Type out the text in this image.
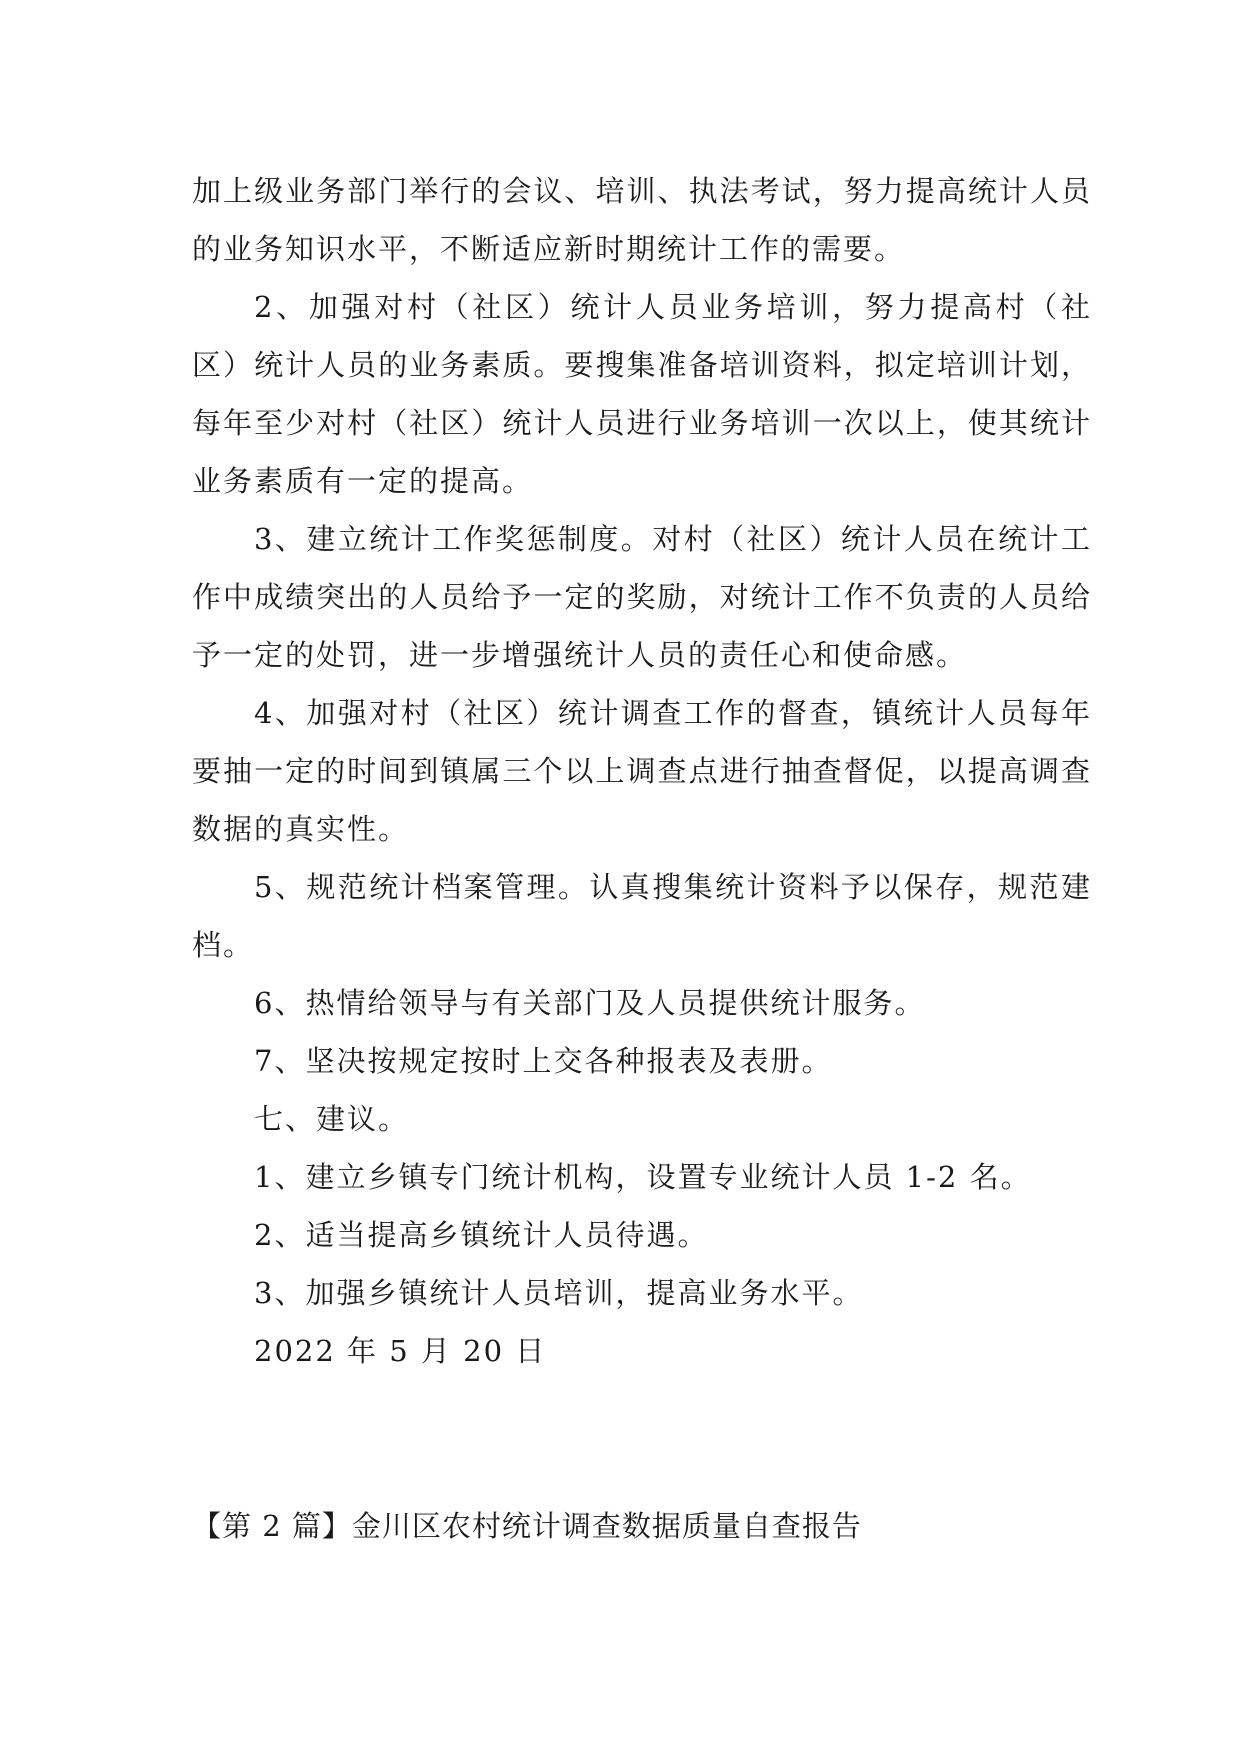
加上级业务部门举行的会议、培训、执法考试，努力提高统计人员的业务知识水平，不断适应新时期统计工作的需要。

2、加强对村（社区）统计人员业务培训，努力提高村（社区）统计人员的业务素质。要搜集准备培训资料，拟定培训计划，每年至少对村（社区）统计人员进行业务培训一次以上，使其统计业务素质有一定的提高。

3、建立统计工作奖惩制度。对村（社区）统计人员在统计工作中成绩突出的人员给予一定的奖励，对统计工作不负责的人员给予一定的处罚，进一步增强统计人员的责任心和使命感。

4、加强对村（社区）统计调查工作的督查，镇统计人员每年要抽一定的时间到镇属三个以上调查点进行抽查督促，以提高调查数据的真实性。

5、规范统计档案管理。认真搜集统计资料予以保存，规范建档。

6、热情给领导与有关部门及人员提供统计服务。

7、坚决按规定按时上交各种报表及表册。

七、建议。

1、建立乡镇专门统计机构，设置专业统计人员 1-2 名。

2、适当提高乡镇统计人员待遇。

3、加强乡镇统计人员培训，提高业务水平。

2022 年 5 月 20 日

【第 2 篇】金川区农村统计调查数据质量自查报告
